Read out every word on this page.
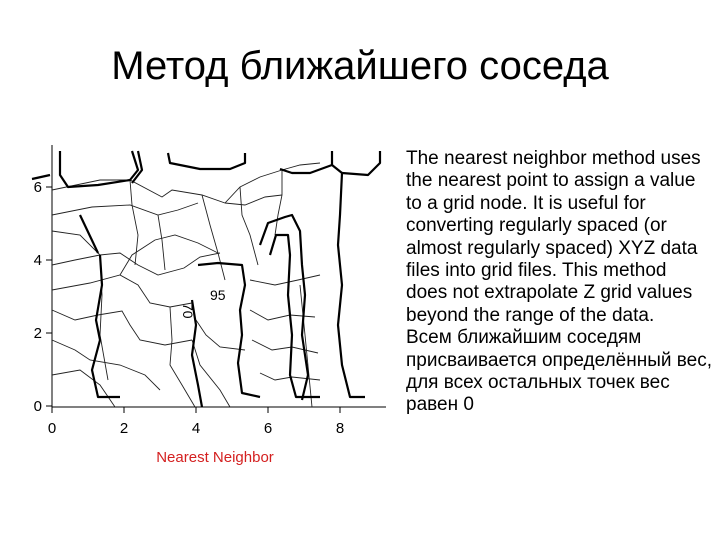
Метод ближайшего соседа
0
2
4
6
0	2	4	6	8
95
70
Nearest Neighbor

The nearest neighbor method uses the nearest point to assign a value to a grid node. It is useful for converting regularly spaced (or almost regularly spaced) XYZ data files into grid files. This method does not extrapolate Z grid values beyond the range of the data.

Всем ближайшим соседям присваивается определённый вес, для всех остальных точек вес равен 0
